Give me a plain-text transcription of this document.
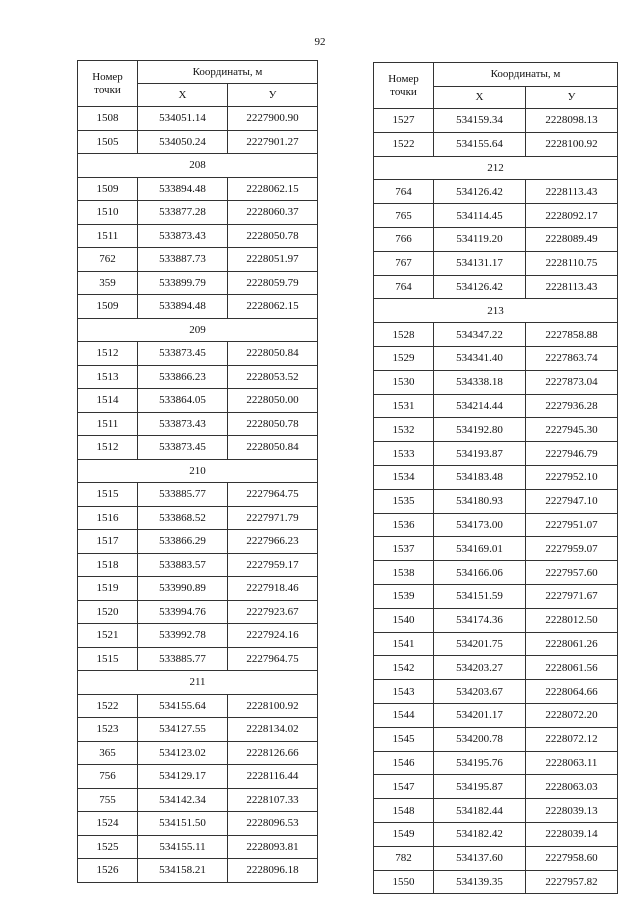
92
Номер точки	Координаты, м	
	Х	У
1508	534051.14	2227900.90
1505	534050.24	2227901.27
208		
1509	533894.48	2228062.15
1510	533877.28	2228060.37
1511	533873.43	2228050.78
762	533887.73	2228051.97
359	533899.79	2228059.79
1509	533894.48	2228062.15
209		
1512	533873.45	2228050.84
1513	533866.23	2228053.52
1514	533864.05	2228050.00
1511	533873.43	2228050.78
1512	533873.45	2228050.84
210		
1515	533885.77	2227964.75
1516	533868.52	2227971.79
1517	533866.29	2227966.23
1518	533883.57	2227959.17
1519	533990.89	2227918.46
1520	533994.76	2227923.67
1521	533992.78	2227924.16
1515	533885.77	2227964.75
211		
1522	534155.64	2228100.92
1523	534127.55	2228134.02
365	534123.02	2228126.66
756	534129.17	2228116.44
755	534142.34	2228107.33
1524	534151.50	2228096.53
1525	534155.11	2228093.81
1526	534158.21	2228096.18
Номер точки	Координаты, м	
	Х	У
1527	534159.34	2228098.13
1522	534155.64	2228100.92
212		
764	534126.42	2228113.43
765	534114.45	2228092.17
766	534119.20	2228089.49
767	534131.17	2228110.75
764	534126.42	2228113.43
213		
1528	534347.22	2227858.88
1529	534341.40	2227863.74
1530	534338.18	2227873.04
1531	534214.44	2227936.28
1532	534192.80	2227945.30
1533	534193.87	2227946.79
1534	534183.48	2227952.10
1535	534180.93	2227947.10
1536	534173.00	2227951.07
1537	534169.01	2227959.07
1538	534166.06	2227957.60
1539	534151.59	2227971.67
1540	534174.36	2228012.50
1541	534201.75	2228061.26
1542	534203.27	2228061.56
1543	534203.67	2228064.66
1544	534201.17	2228072.20
1545	534200.78	2228072.12
1546	534195.76	2228063.11
1547	534195.87	2228063.03
1548	534182.44	2228039.13
1549	534182.42	2228039.14
782	534137.60	2227958.60
1550	534139.35	2227957.82
